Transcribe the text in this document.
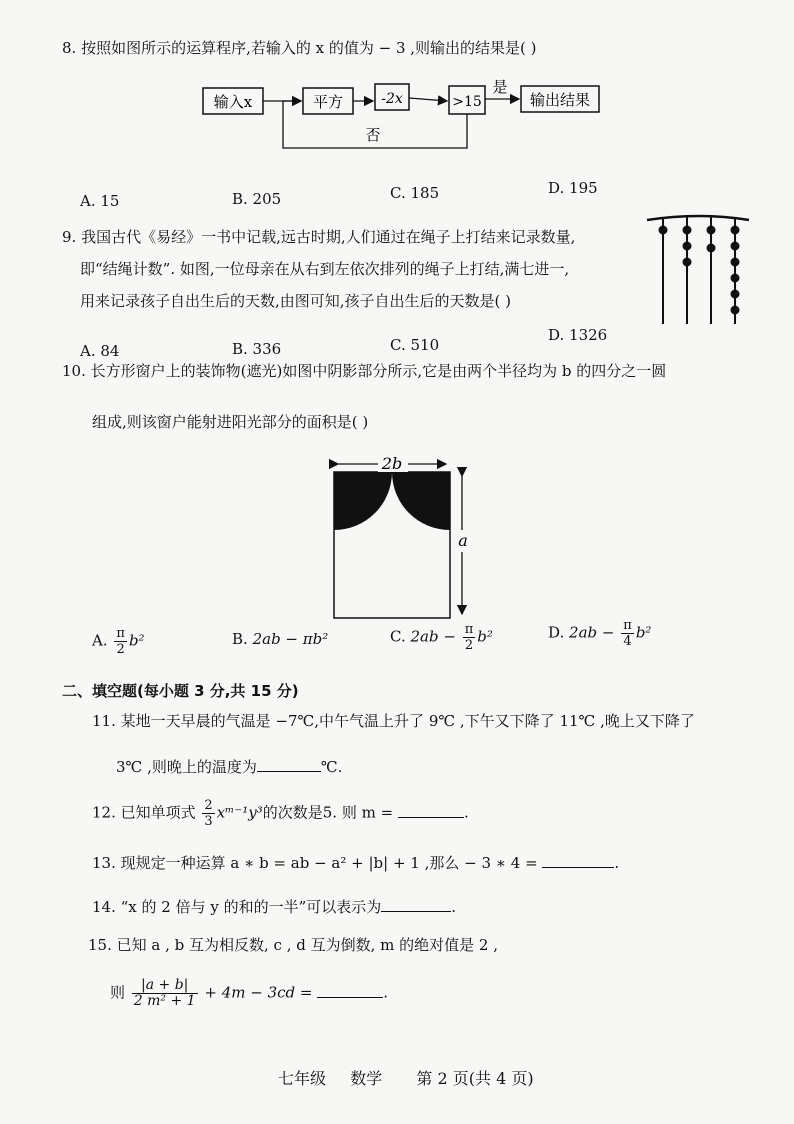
8. 按照如图所示的运算程序,若输入的 x 的值为 − 3 ,则输出的结果是( )
输入x	平方	-2x	>15
是
输出结果
否
A. 15	B. 205	C. 185	D. 195
9. 我国古代《易经》一书中记载,远古时期,人们通过在绳子上打结来记录数量,
即“结绳计数”. 如图,一位母亲在从右到左依次排列的绳子上打结,满七进一,
用来记录孩子自出生后的天数,由图可知,孩子自出生后的天数是( )
A. 84	B. 336	C. 510
D. 1326
10. 长方形窗户上的装饰物(遮光)如图中阴影部分所示,它是由两个半径均为 b 的四分之一圆
组成,则该窗户能射进阳光部分的面积是( )
2b
a
A. $\frac{\pi}{2} b^2$	B. 2ab − πb²	C. $2ab - \frac{\pi}{2} b^2$	D. $2ab - \frac{\pi}{4} b^2$
二、填空题(每小题 3 分,共 15 分)
11. 某地一天早晨的气温是 −7℃,中午气温上升了 9℃ ,下午又下降了 11℃ ,晚上又下降了
3℃ ,则晚上的温度为	℃.
12. 已知单项式 $\frac{2}{3}$ xᵐ⁻¹y³的次数是5. 则 m =	.
13. 现规定一种运算 a ∗ b = ab − a² + |b| + 1 ,那么 − 3 ∗ 4 =	.
14. “x 的 2 倍与 y 的和的一半”可以表示为	.
15. 已知 a , b 互为相反数, c , d 互为倒数, m 的绝对值是 2 ,
则 $\frac{|a + b|}{\text{2 m² + 1}} + 4m - 3cd$ =	.
七年级 数学 第 2 页(共 4 页)
